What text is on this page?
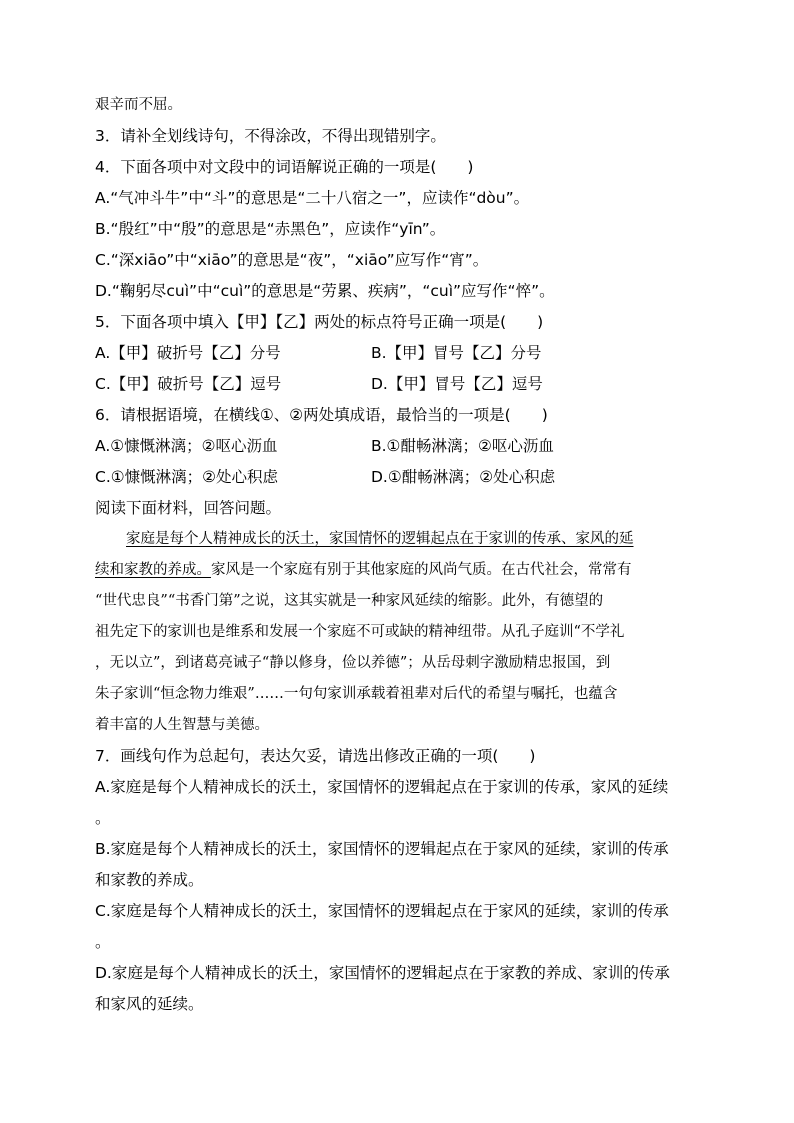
艰辛而不屈。
3．请补全划线诗句，不得涂改，不得出现错别字。
4．下面各项中对文段中的词语解说正确的一项是(　　)
A.“气冲斗牛”中“斗”的意思是“二十八宿之一”，应读作“dòu”。
B.“殷红”中“殷”的意思是“赤黑色”，应读作“yīn”。
C.“深xiāo”中“xiāo”的意思是“夜”，“xiāo”应写作“宵”。
D.“鞠躬尽cuì”中“cuì”的意思是“劳累、疾病”，“cuì”应写作“悴”。
5．下面各项中填入【甲】【乙】两处的标点符号正确一项是(　　)
A.【甲】破折号【乙】分号	B.【甲】冒号【乙】分号
C.【甲】破折号【乙】逗号	D.【甲】冒号【乙】逗号
6．请根据语境，在横线①、②两处填成语，最恰当的一项是(　　)
A.①慷慨淋漓；②呕心沥血	B.①酣畅淋漓；②呕心沥血
C.①慷慨淋漓；②处心积虑	D.①酣畅淋漓；②处心积虑
阅读下面材料，回答问题。
家庭是每个人精神成长的沃土，家国情怀的逻辑起点在于家训的传承、家风的延
续和家教的养成。家风是一个家庭有别于其他家庭的风尚气质。在古代社会，常常有
“世代忠良”“书香门第”之说，这其实就是一种家风延续的缩影。此外，有德望的
祖先定下的家训也是维系和发展一个家庭不可或缺的精神纽带。从孔子庭训“不学礼
，无以立”，到诸葛亮诫子“静以修身，俭以养德”；从岳母刺字激励精忠报国，到
朱子家训“恒念物力维艰”……一句句家训承载着祖辈对后代的希望与嘱托，也蕴含
着丰富的人生智慧与美德。
7．画线句作为总起句，表达欠妥，请选出修改正确的一项(　　)
A.家庭是每个人精神成长的沃土，家国情怀的逻辑起点在于家训的传承，家风的延续
。
B.家庭是每个人精神成长的沃土，家国情怀的逻辑起点在于家风的延续，家训的传承
和家教的养成。
C.家庭是每个人精神成长的沃土，家国情怀的逻辑起点在于家风的延续，家训的传承
。
D.家庭是每个人精神成长的沃土，家国情怀的逻辑起点在于家教的养成、家训的传承
和家风的延续。
